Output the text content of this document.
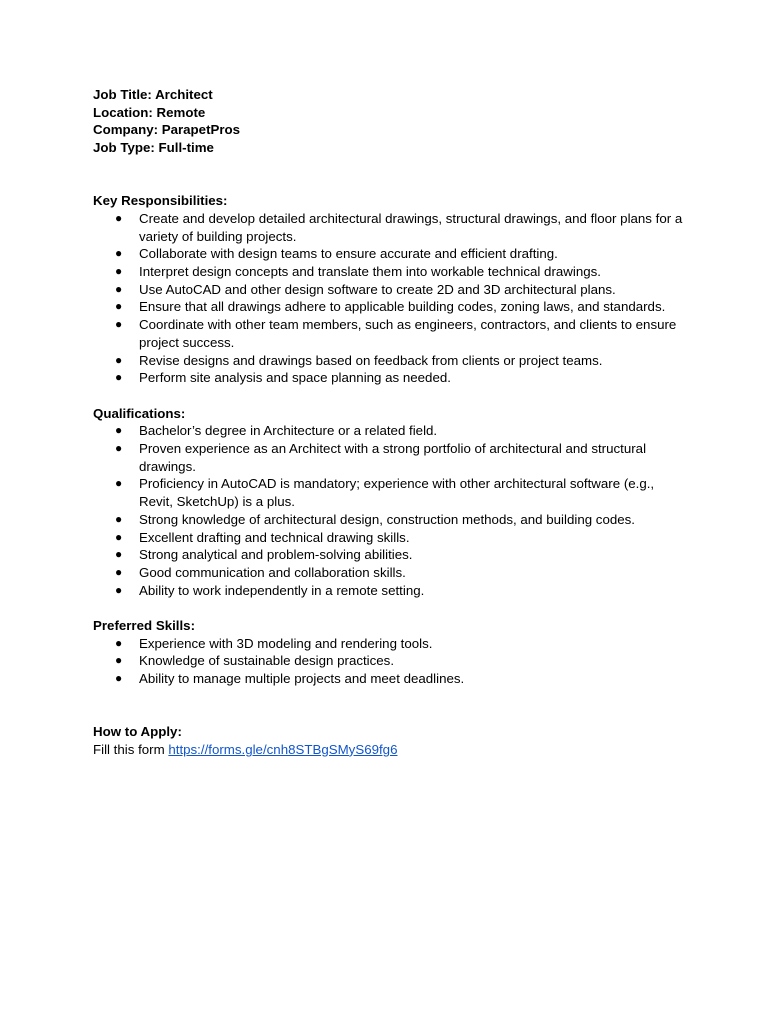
Job Title: Architect

Location: Remote

Company: ParapetPros

Job Type: Full-time

Key Responsibilities:

● Create and develop detailed architectural drawings, structural drawings, and floor plans for a variety of building projects.
● Collaborate with design teams to ensure accurate and efficient drafting.
● Interpret design concepts and translate them into workable technical drawings.
● Use AutoCAD and other design software to create 2D and 3D architectural plans.
● Ensure that all drawings adhere to applicable building codes, zoning laws, and standards.
● Coordinate with other team members, such as engineers, contractors, and clients to ensure project success.
● Revise designs and drawings based on feedback from clients or project teams.
● Perform site analysis and space planning as needed.

Qualifications:

● Bachelor’s degree in Architecture or a related field.
● Proven experience as an Architect with a strong portfolio of architectural and structural drawings.
● Proficiency in AutoCAD is mandatory; experience with other architectural software (e.g., Revit, SketchUp) is a plus.
● Strong knowledge of architectural design, construction methods, and building codes.
● Excellent drafting and technical drawing skills.
● Strong analytical and problem-solving abilities.
● Good communication and collaboration skills.
● Ability to work independently in a remote setting.

Preferred Skills:

● Experience with 3D modeling and rendering tools.
● Knowledge of sustainable design practices.
● Ability to manage multiple projects and meet deadlines.

How to Apply:

Fill this form https://forms.gle/cnh8STBgSMyS69fg6
